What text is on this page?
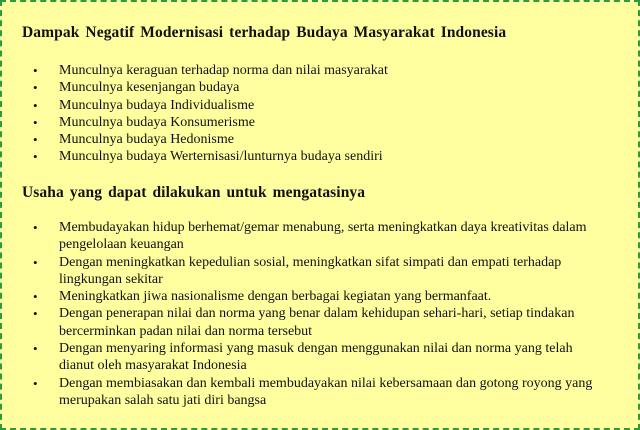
Dampak Negatif Modernisasi terhadap Budaya Masyarakat Indonesia
• Munculnya keraguan terhadap norma dan nilai masyarakat
• Munculnya kesenjangan budaya
• Munculnya budaya Individualisme
• Munculnya budaya Konsumerisme
• Munculnya budaya Hedonisme
• Munculnya budaya Werternisasi/lunturnya budaya sendiri
Usaha yang dapat dilakukan untuk mengatasinya
• Membudayakan hidup berhemat/gemar menabung, serta meningkatkan daya kreativitas dalam pengelolaan keuangan
• Dengan meningkatkan kepedulian sosial, meningkatkan sifat simpati dan empati terhadap lingkungan sekitar
• Meningkatkan jiwa nasionalisme dengan berbagai kegiatan yang bermanfaat.
• Dengan penerapan nilai dan norma yang benar dalam kehidupan sehari-hari, setiap tindakan bercerminkan padan nilai dan norma tersebut
• Dengan menyaring informasi yang masuk dengan menggunakan nilai dan norma yang telah dianut oleh masyarakat Indonesia
• Dengan membiasakan dan kembali membudayakan nilai kebersamaan dan gotong royong yang merupakan salah satu jati diri bangsa
